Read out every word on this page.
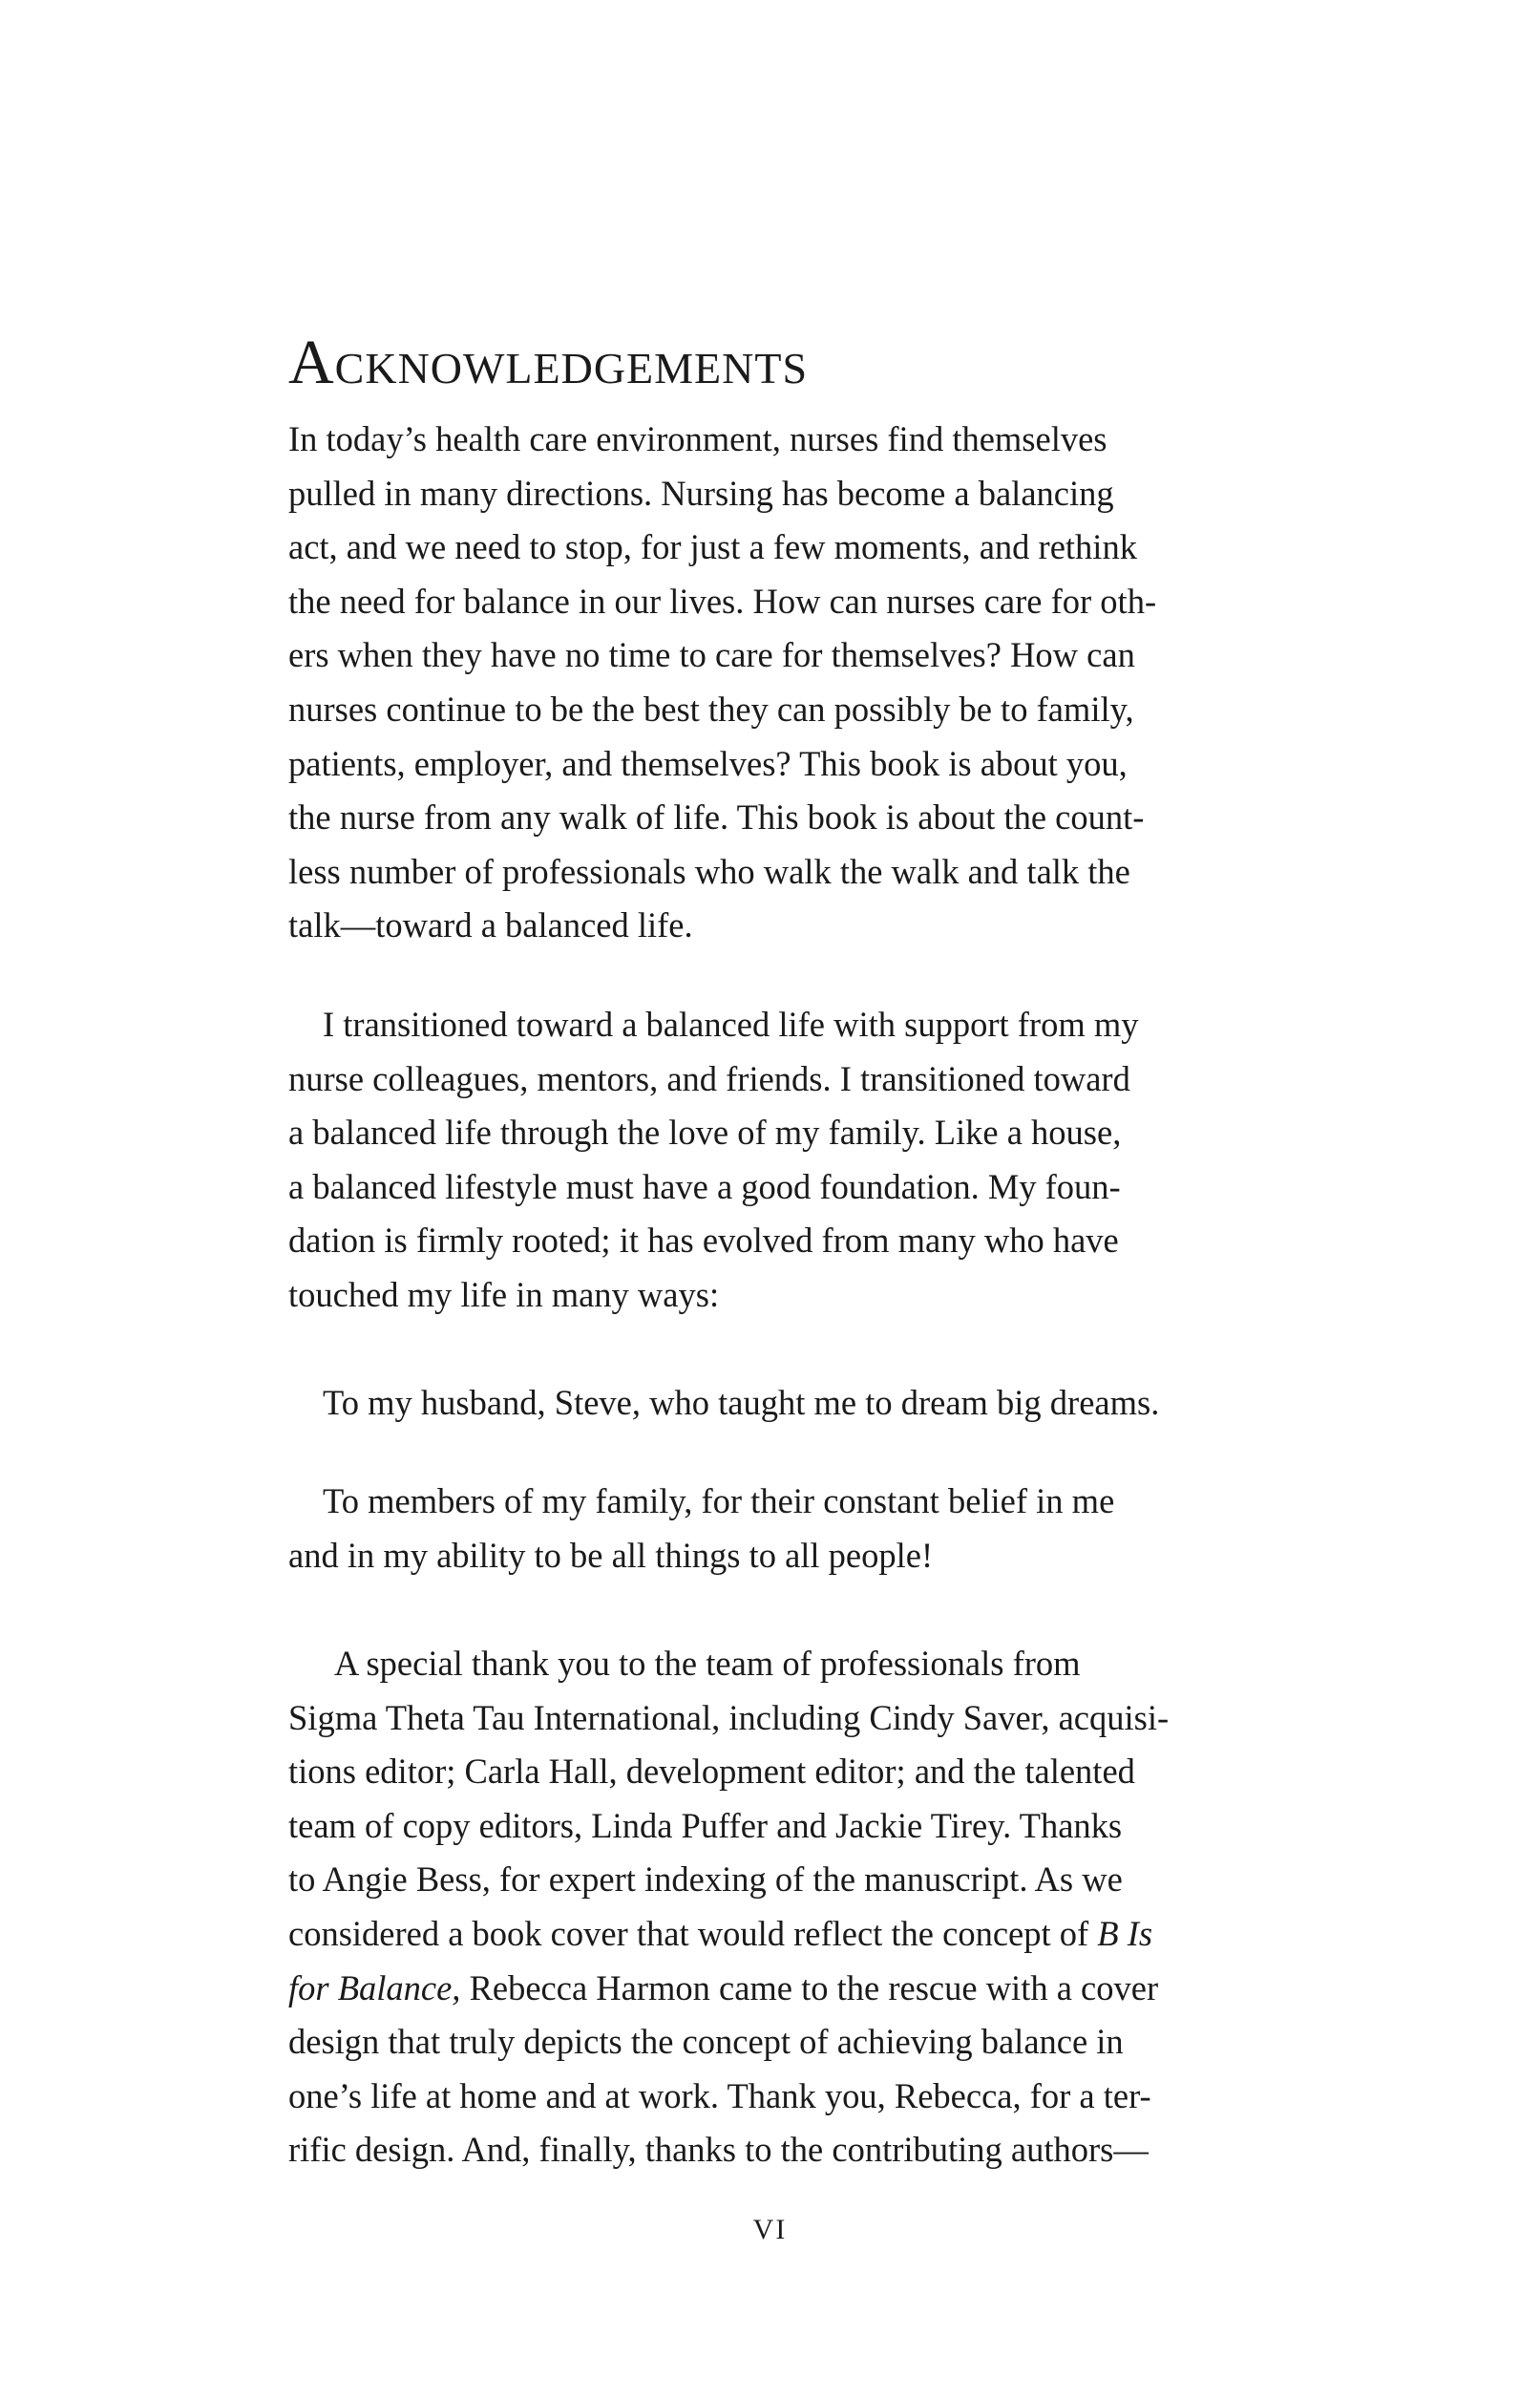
Acknowledgements
In today’s health care environment, nurses find themselves
pulled in many directions. Nursing has become a balancing
act, and we need to stop, for just a few moments, and rethink
the need for balance in our lives. How can nurses care for oth-
ers when they have no time to care for themselves? How can
nurses continue to be the best they can possibly be to family,
patients, employer, and themselves? This book is about you,
the nurse from any walk of life. This book is about the count-
less number of professionals who walk the walk and talk the
talk—toward a balanced life.
I transitioned toward a balanced life with support from my
nurse colleagues, mentors, and friends. I transitioned toward
a balanced life through the love of my family. Like a house,
a balanced lifestyle must have a good foundation. My foun-
dation is firmly rooted; it has evolved from many who have
touched my life in many ways:
To my husband, Steve, who taught me to dream big dreams.
To members of my family, for their constant belief in me
and in my ability to be all things to all people!
A special thank you to the team of professionals from
Sigma Theta Tau International, including Cindy Saver, acquisi-
tions editor; Carla Hall, development editor; and the talented
team of copy editors, Linda Puffer and Jackie Tirey. Thanks
to Angie Bess, for expert indexing of the manuscript. As we
considered a book cover that would reflect the concept of B Is
for Balance, Rebecca Harmon came to the rescue with a cover
design that truly depicts the concept of achieving balance in
one’s life at home and at work. Thank you, Rebecca, for a ter-
rific design. And, finally, thanks to the contributing authors—
VI
